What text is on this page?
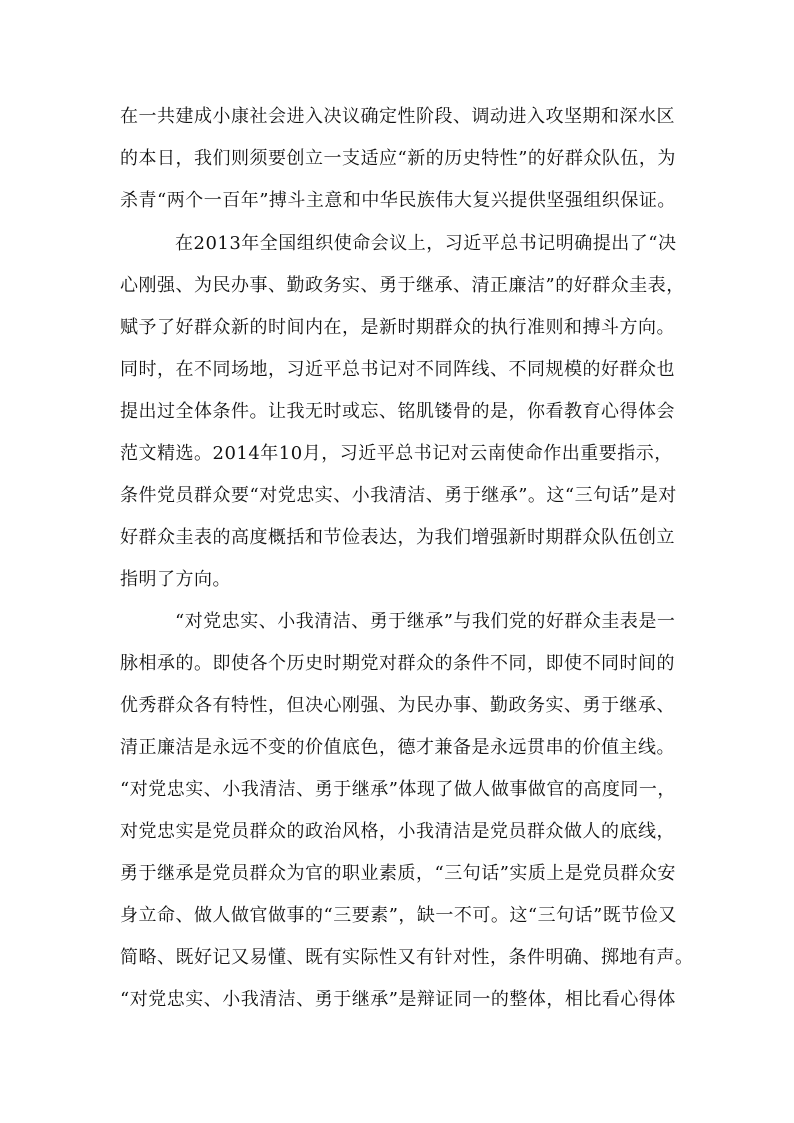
在一共建成小康社会进入决议确定性阶段、调动进入攻坚期和深水区
的本日，我们则须要创立一支适应“新的历史特性”的好群众队伍，为
杀青“两个一百年”搏斗主意和中华民族伟大复兴提供坚强组织保证。
在2013年全国组织使命会议上，习近平总书记明确提出了“决
心刚强、为民办事、勤政务实、勇于继承、清正廉洁”的好群众圭表，
赋予了好群众新的时间内在，是新时期群众的执行准则和搏斗方向。
同时，在不同场地，习近平总书记对不同阵线、不同规模的好群众也
提出过全体条件。让我无时或忘、铭肌镂骨的是，你看教育心得体会
范文精选。2014年10月，习近平总书记对云南使命作出重要指示，
条件党员群众要“对党忠实、小我清洁、勇于继承”。这“三句话”是对
好群众圭表的高度概括和节俭表达，为我们增强新时期群众队伍创立
指明了方向。
“对党忠实、小我清洁、勇于继承”与我们党的好群众圭表是一
脉相承的。即使各个历史时期党对群众的条件不同，即使不同时间的
优秀群众各有特性，但决心刚强、为民办事、勤政务实、勇于继承、
清正廉洁是永远不变的价值底色，德才兼备是永远贯串的价值主线。
“对党忠实、小我清洁、勇于继承”体现了做人做事做官的高度同一，
对党忠实是党员群众的政治风格，小我清洁是党员群众做人的底线，
勇于继承是党员群众为官的职业素质，“三句话”实质上是党员群众安
身立命、做人做官做事的“三要素”，缺一不可。这“三句话”既节俭又
简略、既好记又易懂、既有实际性又有针对性，条件明确、掷地有声。
“对党忠实、小我清洁、勇于继承”是辩证同一的整体，相比看心得体
